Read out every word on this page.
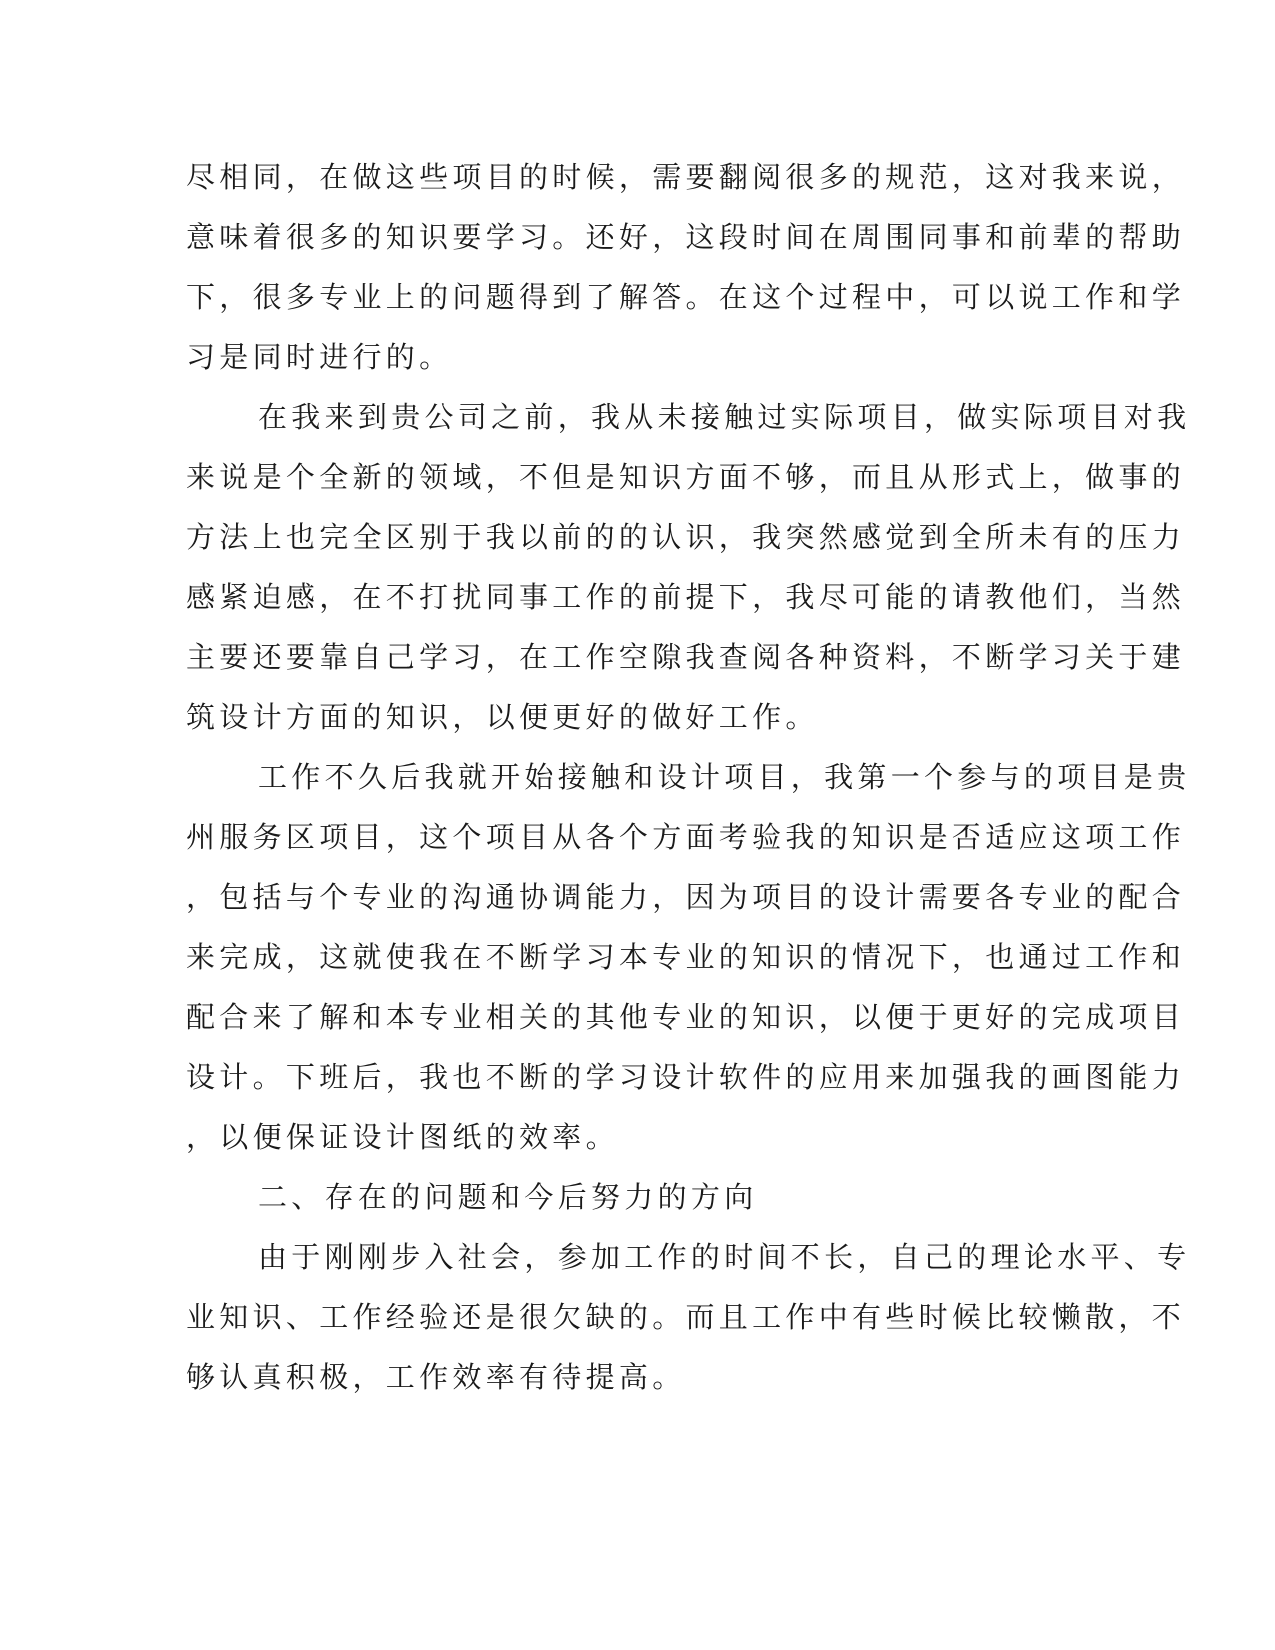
尽相同，在做这些项目的时候，需要翻阅很多的规范，这对我来说，
意味着很多的知识要学习。还好，这段时间在周围同事和前辈的帮助
下，很多专业上的问题得到了解答。在这个过程中，可以说工作和学
习是同时进行的。
在我来到贵公司之前，我从未接触过实际项目，做实际项目对我
来说是个全新的领域，不但是知识方面不够，而且从形式上，做事的
方法上也完全区别于我以前的的认识，我突然感觉到全所未有的压力
感紧迫感，在不打扰同事工作的前提下，我尽可能的请教他们，当然
主要还要靠自己学习，在工作空隙我查阅各种资料，不断学习关于建
筑设计方面的知识，以便更好的做好工作。
工作不久后我就开始接触和设计项目，我第一个参与的项目是贵
州服务区项目，这个项目从各个方面考验我的知识是否适应这项工作
，包括与个专业的沟通协调能力，因为项目的设计需要各专业的配合
来完成，这就使我在不断学习本专业的知识的情况下，也通过工作和
配合来了解和本专业相关的其他专业的知识，以便于更好的完成项目
设计。下班后，我也不断的学习设计软件的应用来加强我的画图能力
，以便保证设计图纸的效率。
二、存在的问题和今后努力的方向
由于刚刚步入社会，参加工作的时间不长，自己的理论水平、专
业知识、工作经验还是很欠缺的。而且工作中有些时候比较懒散，不
够认真积极，工作效率有待提高。
